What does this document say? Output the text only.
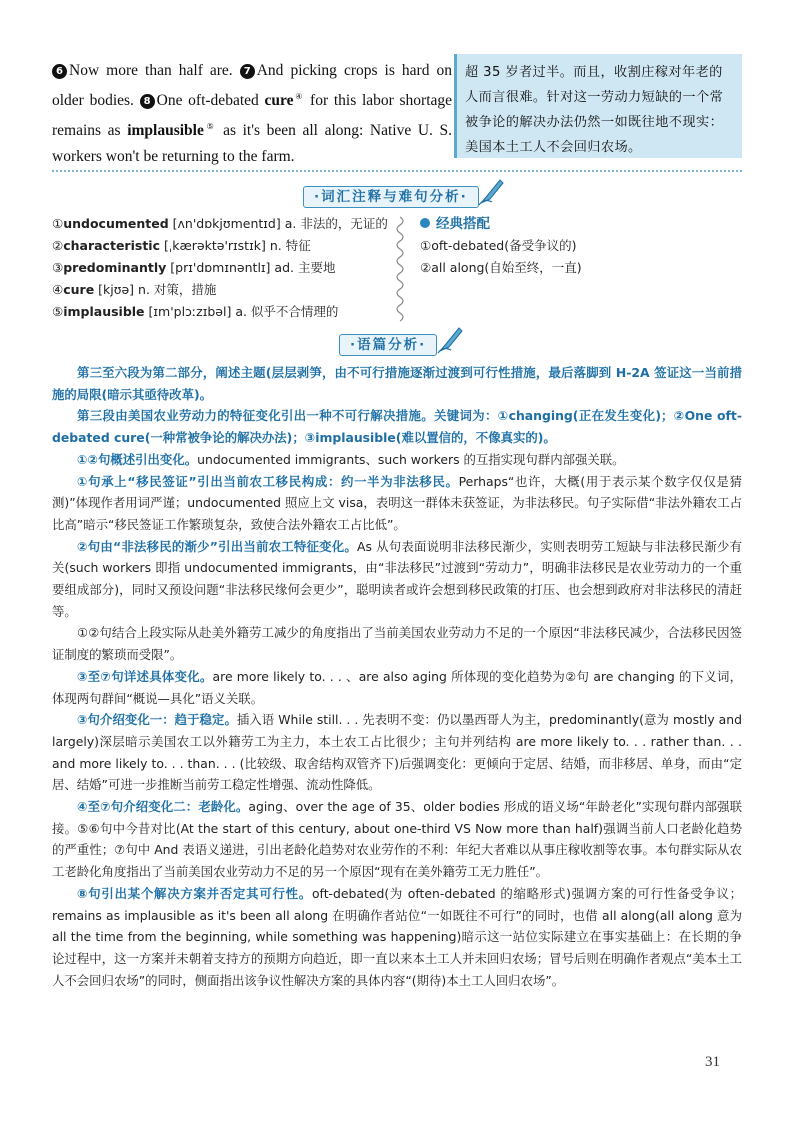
6 Now more than half are. 7 And picking crops is hard on older bodies. 8 One oft-debated cure④ for this labor shortage remains as implausible⑤ as it's been all along: Native U. S. workers won't be returning to the farm.

超 35 岁者过半。而且，收割庄稼对年老的人而言很难。针对这一劳动力短缺的一个常被争论的解决办法仍然一如既往地不现实：美国本土工人不会回归农场。
·词汇注释与难句分析·
①undocumented [ʌn'dɒkjʊmentɪd] a. 非法的，无证的
②characteristic [ˌkærəktə'rɪstɪk] n. 特征
③predominantly [prɪ'dɒmɪnəntlɪ] ad. 主要地
④cure [kjʊə] n. 对策，措施
⑤implausible [ɪm'plɔːzɪbəl] a. 似乎不合情理的
经典搭配
①oft-debated(备受争议的)
②all along(自始至终，一直)
·语篇分析·

第三至六段为第二部分，阐述主题(层层剥笋，由不可行措施逐渐过渡到可行性措施，最后落脚到 H-2A 签证这一当前措施的局限(暗示其亟待改革)。

第三段由美国农业劳动力的特征变化引出一种不可行解决措施。关键词为：①changing(正在发生变化)；②One oft-debated cure(一种常被争论的解决办法)；③implausible(难以置信的，不像真实的)。

①②句概述引出变化。undocumented immigrants、such workers 的互指实现句群内部强关联。

①句承上“移民签证”引出当前农工移民构成：约一半为非法移民。Perhaps“也许，大概(用于表示某个数字仅仅是猜测)”体现作者用词严谨；undocumented 照应上文 visa，表明这一群体未获签证，为非法移民。句子实际借“非法外籍农工占比高”暗示“移民签证工作繁琐复杂，致使合法外籍农工占比低”。

②句由“非法移民的渐少”引出当前农工特征变化。As 从句表面说明非法移民渐少，实则表明劳工短缺与非法移民渐少有关(such workers 即指 undocumented immigrants，由“非法移民”过渡到“劳动力”，明确非法移民是农业劳动力的一个重要组成部分)，同时又预设问题“非法移民缘何会更少”，聪明读者或许会想到移民政策的打压、也会想到政府对非法移民的清赶等。

①②句结合上段实际从赴美外籍劳工减少的角度指出了当前美国农业劳动力不足的一个原因“非法移民减少，合法移民因签证制度的繁琐而受限”。

③至⑦句详述具体变化。are more likely to. . . 、are also aging 所体现的变化趋势为②句 are changing 的下义词，体现两句群间“概说—具化”语义关联。

③句介绍变化一：趋于稳定。插入语 While still. . . 先表明不变：仍以墨西哥人为主，predominantly(意为 mostly and largely)深层暗示美国农工以外籍劳工为主力，本土农工占比很少；主句并列结构 are more likely to. . . rather than. . . and more likely to. . . than. . . (比较级、取舍结构双管齐下)后强调变化：更倾向于定居、结婚，而非移居、单身，而由“定居、结婚”可进一步推断当前劳工稳定性增强、流动性降低。

④至⑦句介绍变化二：老龄化。aging、over the age of 35、older bodies 形成的语义场“年龄老化”实现句群内部强联接。⑤⑥句中今昔对比(At the start of this century, about one-third VS Now more than half)强调当前人口老龄化趋势的严重性；⑦句中 And 表语义递进，引出老龄化趋势对农业劳作的不利：年纪大者难以从事庄稼收割等农事。本句群实际从农工老龄化角度指出了当前美国农业劳动力不足的另一个原因“现有在美外籍劳工无力胜任”。

⑧句引出某个解决方案并否定其可行性。oft-debated(为 often-debated 的缩略形式)强调方案的可行性备受争议；remains as implausible as it's been all along 在明确作者站位“一如既往不可行”的同时，也借 all along(all along 意为 all the time from the beginning, while something was happening)暗示这一站位实际建立在事实基础上：在长期的争论过程中，这一方案并未朝着支持方的预期方向趋近，即一直以来本土工人并未回归农场；冒号后则在明确作者观点“美本土工人不会回归农场”的同时，侧面指出该争议性解决方案的具体内容“(期待)本土工人回归农场”。

31
